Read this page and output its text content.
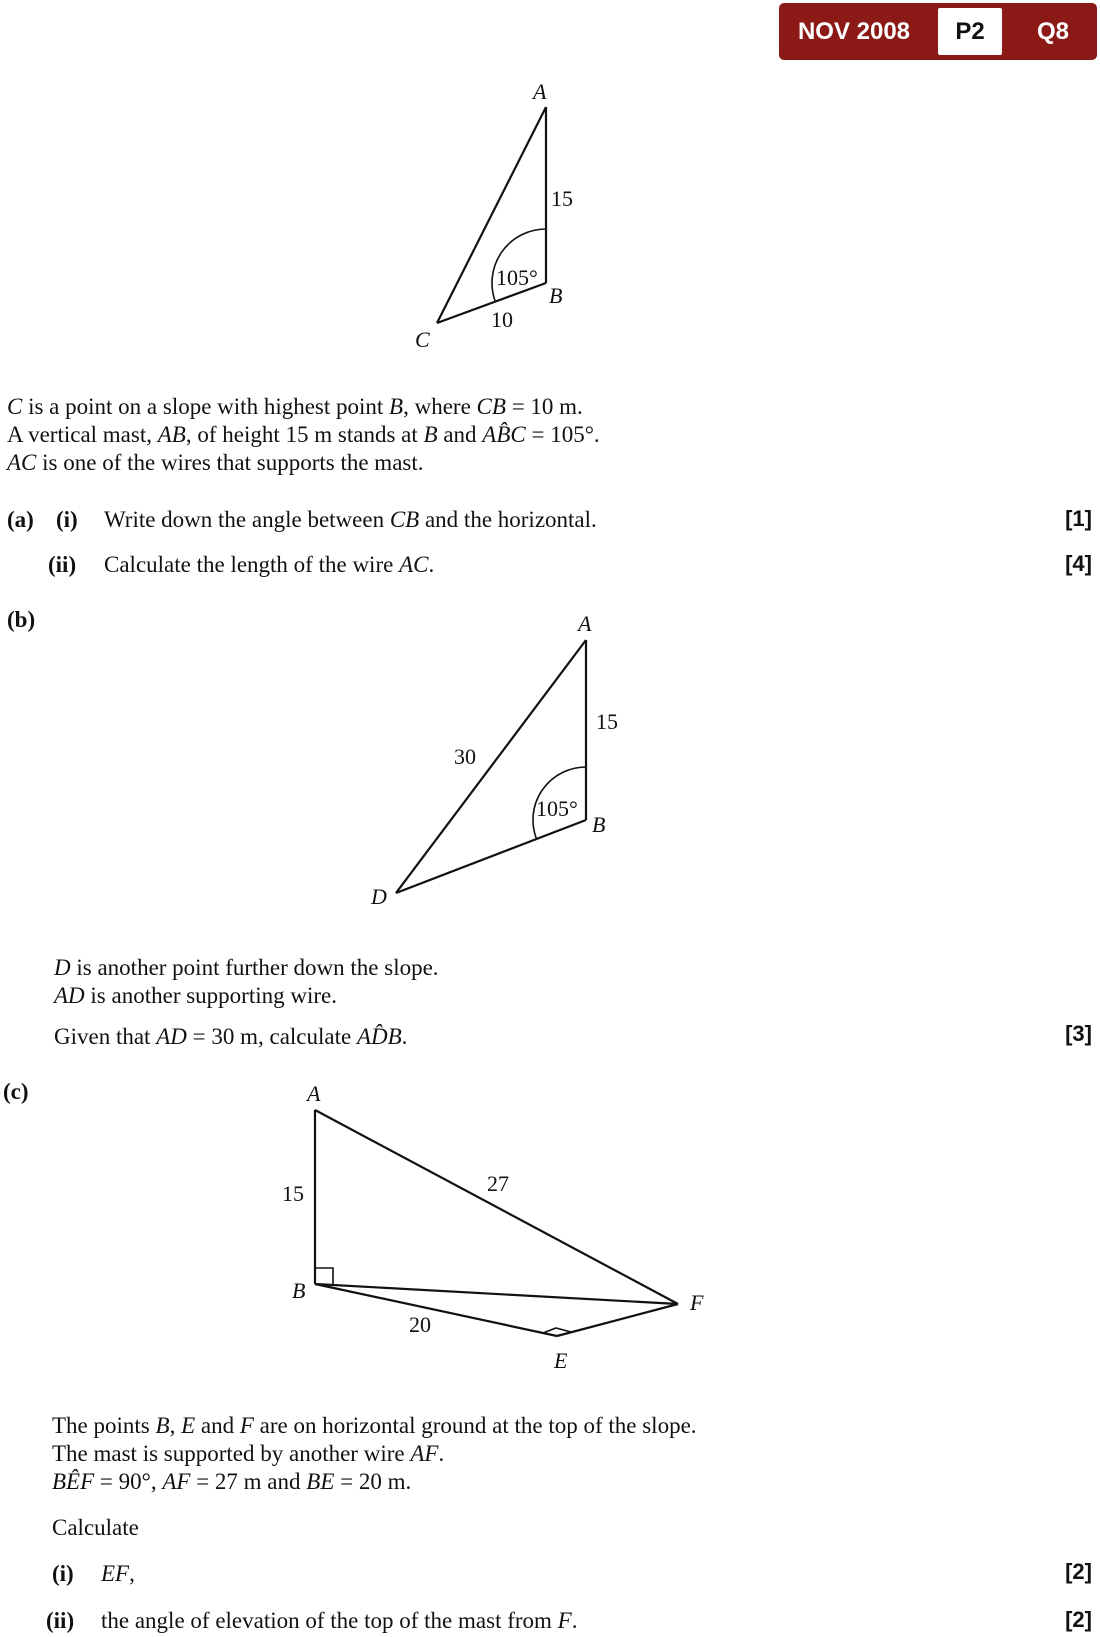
NOV 2008	P2	Q8
A
15
105°
B
10
C
C is a point on a slope with highest point B, where CB = 10 m.
A vertical mast, AB, of height 15 m stands at B and AB̂C = 105°.
AC is one of the wires that supports the mast.
(a) (i) Write down the angle between CB and the horizontal.	[1]
(ii) Calculate the length of the wire AC.	[4]
(b)	A
15
30
105°
B
D
D is another point further down the slope.
AD is another supporting wire.
Given that AD = 30 m, calculate AD̂B.	[3]
(c)	A
15	27
B	F
20
E
The points B, E and F are on horizontal ground at the top of the slope.
The mast is supported by another wire AF.
BÊF = 90°, AF = 27 m and BE = 20 m.
Calculate
(i) EF,	[2]
(ii) the angle of elevation of the top of the mast from F.	[2]
